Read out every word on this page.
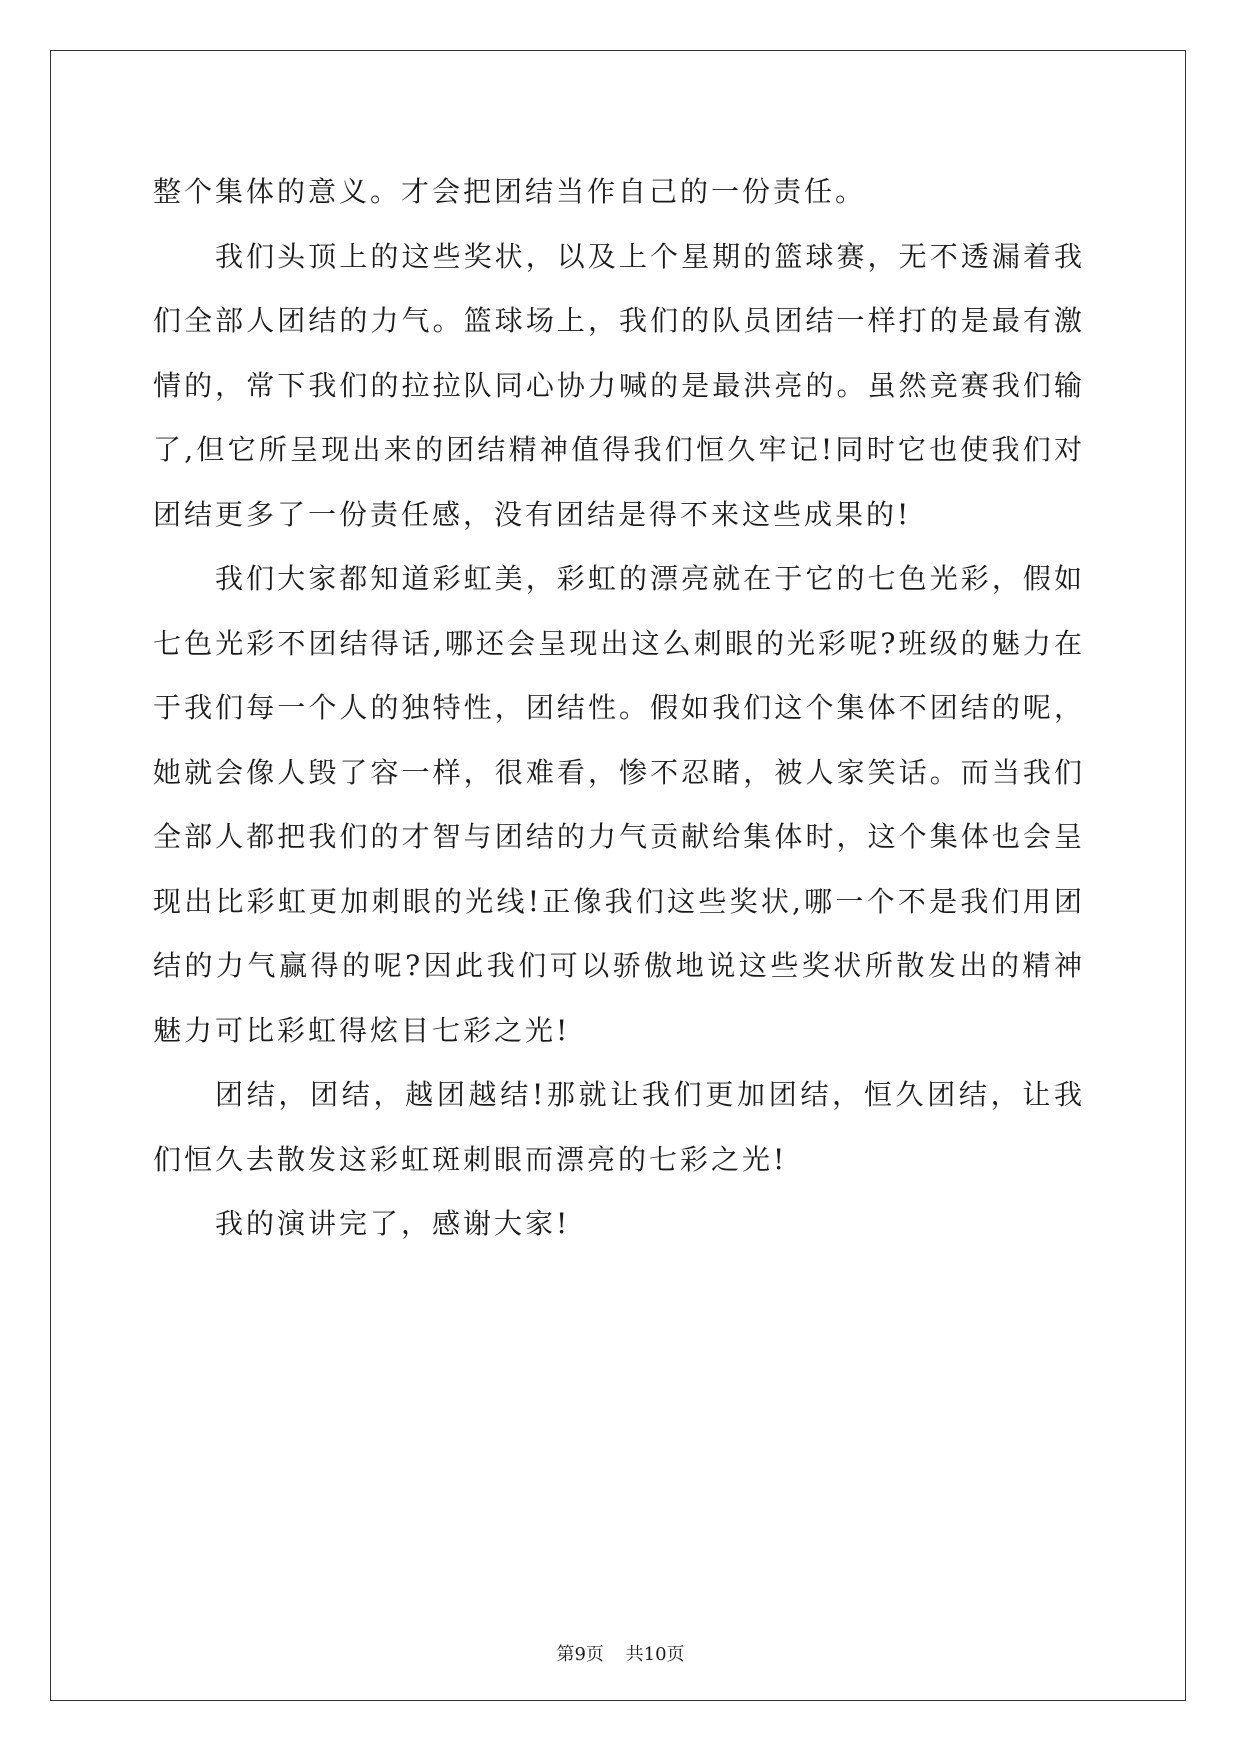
整个集体的意义。才会把团结当作自己的一份责任。

我们头顶上的这些奖状，以及上个星期的篮球赛，无不透漏着我们全部人团结的力气。篮球场上，我们的队员团结一样打的是最有激情的，常下我们的拉拉队同心协力喊的是最洪亮的。虽然竞赛我们输了,但它所呈现出来的团结精神值得我们恒久牢记!同时它也使我们对团结更多了一份责任感，没有团结是得不来这些成果的!

我们大家都知道彩虹美，彩虹的漂亮就在于它的七色光彩，假如七色光彩不团结得话,哪还会呈现出这么刺眼的光彩呢?班级的魅力在于我们每一个人的独特性，团结性。假如我们这个集体不团结的呢，她就会像人毁了容一样，很难看，惨不忍睹，被人家笑话。而当我们全部人都把我们的才智与团结的力气贡献给集体时，这个集体也会呈现出比彩虹更加刺眼的光线!正像我们这些奖状,哪一个不是我们用团结的力气赢得的呢?因此我们可以骄傲地说这些奖状所散发出的精神魅力可比彩虹得炫目七彩之光!

团结，团结，越团越结!那就让我们更加团结，恒久团结，让我们恒久去散发这彩虹斑刺眼而漂亮的七彩之光!

我的演讲完了，感谢大家!

第9页 共10页
